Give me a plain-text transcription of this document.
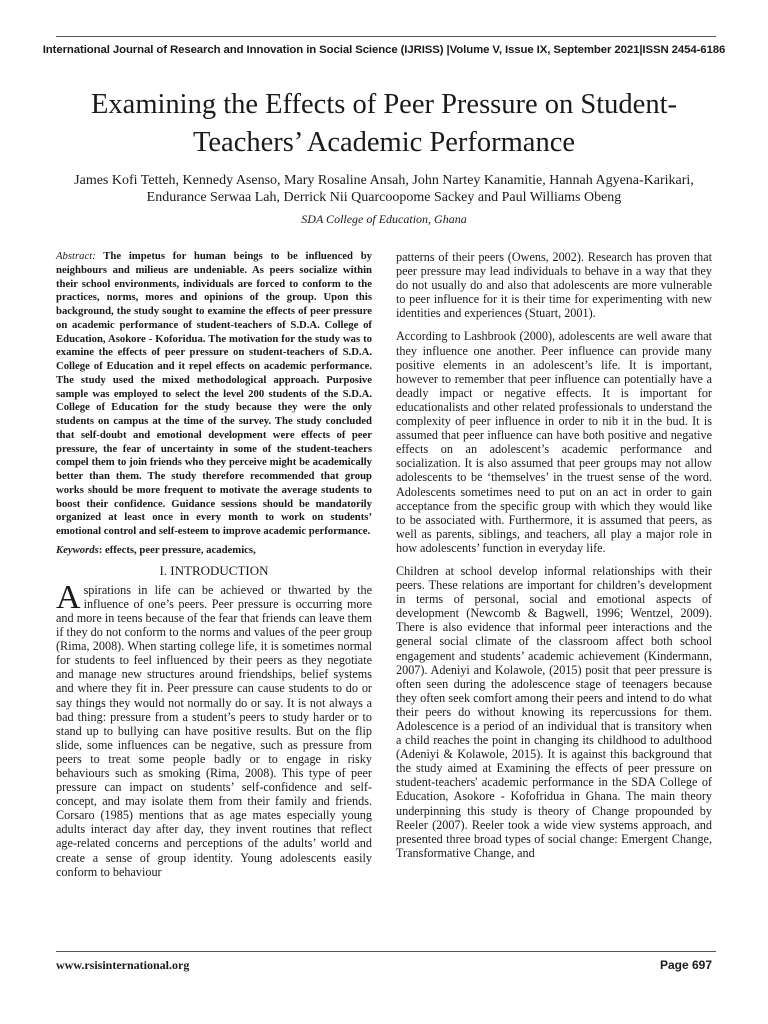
International Journal of Research and Innovation in Social Science (IJRISS) |Volume V, Issue IX, September 2021|ISSN 2454-6186
Examining the Effects of Peer Pressure on Student-
Teachers’ Academic Performance
James Kofi Tetteh, Kennedy Asenso, Mary Rosaline Ansah, John Nartey Kanamitie, Hannah Agyena-Karikari,
Endurance Serwaa Lah, Derrick Nii Quarcoopome Sackey and Paul Williams Obeng
SDA College of Education, Ghana

Abstract: The impetus for human beings to be influenced by neighbours and milieus are undeniable. As peers socialize within their school environments, individuals are forced to conform to the practices, norms, mores and opinions of the group. Upon this background, the study sought to examine the effects of peer pressure on academic performance of student-teachers of S.D.A. College of Education, Asokore - Koforidua. The motivation for the study was to examine the effects of peer pressure on student-teachers of S.D.A. College of Education and it repel effects on academic performance. The study used the mixed methodological approach. Purposive sample was employed to select the level 200 students of the S.D.A. College of Education for the study because they were the only students on campus at the time of the survey. The study concluded that self-doubt and emotional development were effects of peer pressure, the fear of uncertainty in some of the student-teachers compel them to join friends who they perceive might be academically better than them. The study therefore recommended that group works should be more frequent to motivate the average students to boost their confidence. Guidance sessions should be mandatorily organized at least once in every month to work on students’ emotional control and self-esteem to improve academic performance.

Keywords: effects, peer pressure, academics,

I. INTRODUCTION

Aspirations in life can be achieved or thwarted by the influence of one’s peers. Peer pressure is occurring more and more in teens because of the fear that friends can leave them if they do not conform to the norms and values of the peer group (Rima, 2008). When starting college life, it is sometimes normal for students to feel influenced by their peers as they negotiate and manage new structures around friendships, belief systems and where they fit in. Peer pressure can cause students to do or say things they would not normally do or say. It is not always a bad thing: pressure from a student’s peers to study harder or to stand up to bullying can have positive results. But on the flip slide, some influences can be negative, such as pressure from peers to treat some people badly or to engage in risky behaviours such as smoking (Rima, 2008). This type of peer pressure can impact on students’ self-confidence and self-concept, and may isolate them from their family and friends. Corsaro (1985) mentions that as age mates especially young adults interact day after day, they invent routines that reflect age-related concerns and perceptions of the adults’ world and create a sense of group identity. Young adolescents easily conform to behaviour

patterns of their peers (Owens, 2002). Research has proven that peer pressure may lead individuals to behave in a way that they do not usually do and also that adolescents are more vulnerable to peer influence for it is their time for experimenting with new identities and experiences (Stuart, 2001).

According to Lashbrook (2000), adolescents are well aware that they influence one another. Peer influence can provide many positive elements in an adolescent’s life. It is important, however to remember that peer influence can potentially have a deadly impact or negative effects. It is important for educationalists and other related professionals to understand the complexity of peer influence in order to nib it in the bud. It is assumed that peer influence can have both positive and negative effects on an adolescent’s academic performance and socialization. It is also assumed that peer groups may not allow adolescents to be ‘themselves’ in the truest sense of the word. Adolescents sometimes need to put on an act in order to gain acceptance from the specific group with which they would like to be associated with. Furthermore, it is assumed that peers, as well as parents, siblings, and teachers, all play a major role in how adolescents’ function in everyday life.

Children at school develop informal relationships with their peers. These relations are important for children’s development in terms of personal, social and emotional aspects of development (Newcomb & Bagwell, 1996; Wentzel, 2009). There is also evidence that informal peer interactions and the general social climate of the classroom affect both school engagement and students’ academic achievement (Kindermann, 2007). Adeniyi and Kolawole, (2015) posit that peer pressure is often seen during the adolescence stage of teenagers because they often seek comfort among their peers and intend to do what their peers do without knowing its repercussions for them. Adolescence is a period of an individual that is transitory when a child reaches the point in changing its childhood to adulthood (Adeniyi & Kolawole, 2015). It is against this background that the study aimed at Examining the effects of peer pressure on student-teachers' academic performance in the SDA College of Education, Asokore - Kofofridua in Ghana. The main theory underpinning this study is theory of Change propounded by Reeler (2007). Reeler took a wide view systems approach, and presented three broad types of social change: Emergent Change, Transformative Change, and

www.rsisinternational.org	Page 697
